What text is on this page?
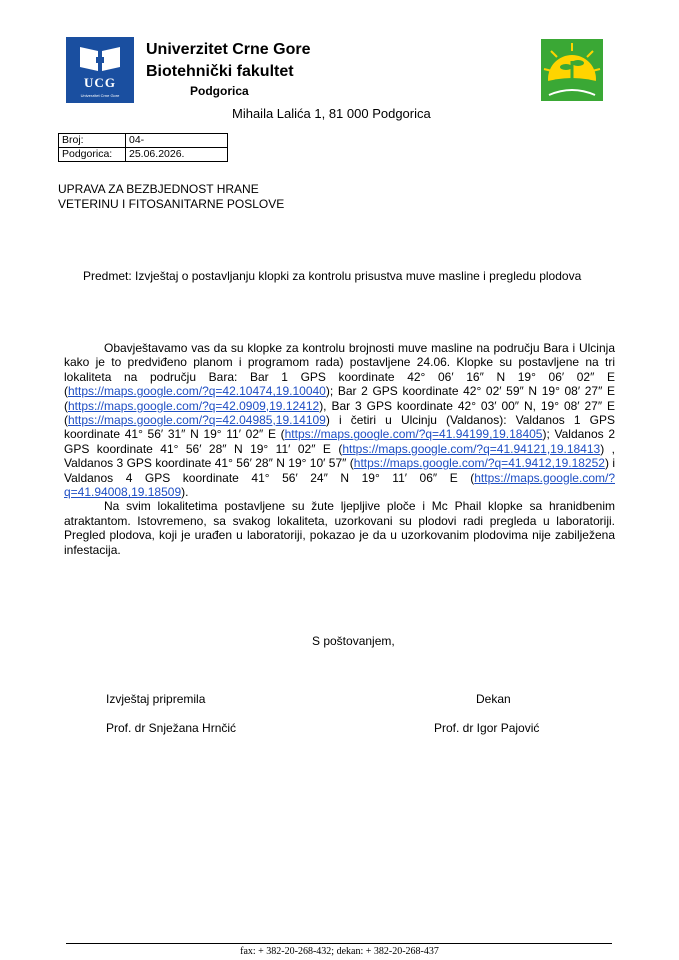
UCG
Univerzitet Crne Gore
Univerzitet Crne Gore
Biotehnički fakultet
Podgorica
Mihaila Lalića 1, 81 000 Podgorica
Broj:	04-
Podgorica:	25.06.2026.
UPRAVA ZA BEZBJEDNOST HRANE
VETERINU I FITOSANITARNE POSLOVE
Predmet: Izvještaj o postavljanju klopki za kontrolu prisustva muve masline i pregledu plodova

Obavještavamo vas da su klopke za kontrolu brojnosti muve masline na području Bara i Ulcinja kako je to predviđeno planom i programom rada) postavljene 24.06. Klopke su postavljene na tri lokaliteta na području Bara: Bar 1 GPS koordinate 42° 06′ 16″ N 19° 06′ 02″ E (https://maps.google.com/?q=42.10474,19.10040); Bar 2 GPS koordinate 42° 02′ 59″ N 19° 08′ 27″ E (https://maps.google.com/?q=42.0909,19.12412), Bar 3 GPS koordinate 42° 03′ 00″ N, 19° 08′ 27″ E (https://maps.google.com/?q=42.04985,19.14109) i četiri u Ulcinju (Valdanos): Valdanos 1 GPS koordinate 41° 56′ 31″ N 19° 11′ 02″ E (https://maps.google.com/?q=41.94199,19.18405); Valdanos 2 GPS koordinate 41° 56′ 28″ N 19° 11′ 02″ E (https://maps.google.com/?q=41.94121,19.18413) , Valdanos 3 GPS koordinate 41° 56′ 28″ N 19° 10′ 57″ (https://maps.google.com/?q=41.9412,19.18252) i Valdanos 4 GPS koordinate 41° 56′ 24″ N 19° 11′ 06″ E (https://maps.google.com/?q=41.94008,19.18509).

Na svim lokalitetima postavljene su žute ljepljive ploče i Mc Phail klopke sa hranidbenim atraktantom. Istovremeno, sa svakog lokaliteta, uzorkovani su plodovi radi pregleda u laboratoriji. Pregled plodova, koji je urađen u laboratoriji, pokazao je da u uzorkovanim plodovima nije zabilježena infestacija.

S poštovanjem,
Izvještaj pripremila
Prof. dr Snježana Hrnčić
Dekan
Prof. dr Igor Pajović
fax: + 382-20-268-432; dekan: + 382-20-268-437
